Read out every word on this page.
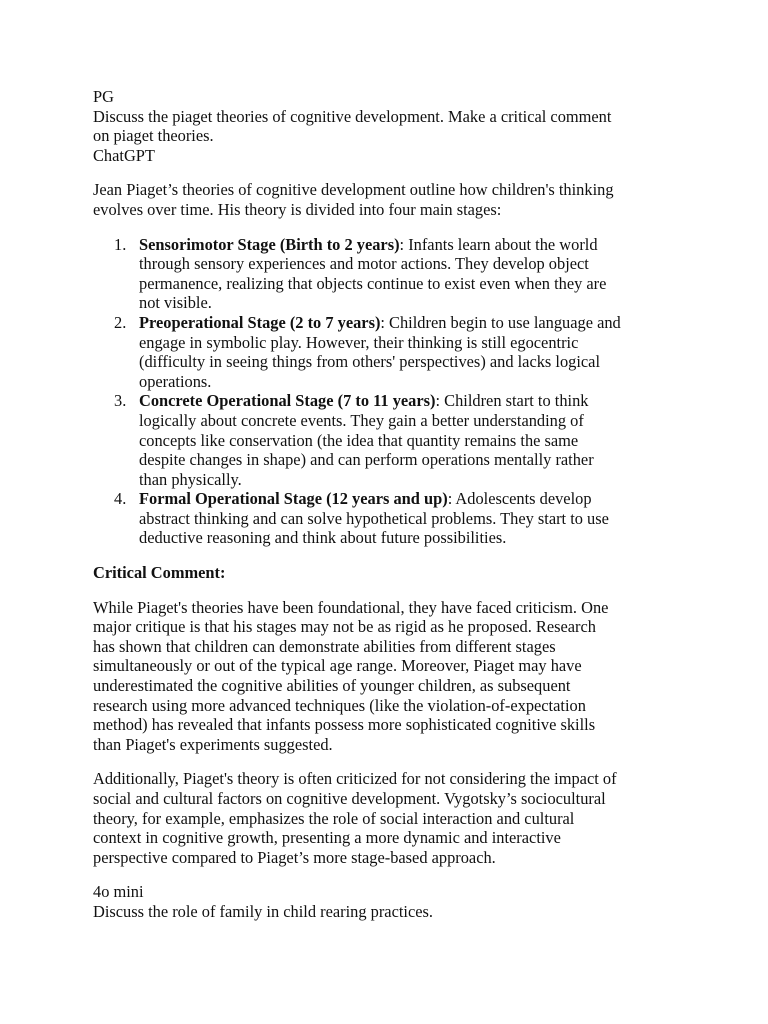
PG
Discuss the piaget theories of cognitive development. Make a critical comment
on piaget theories.
ChatGPT
Jean Piaget’s theories of cognitive development outline how children's thinking
evolves over time. His theory is divided into four main stages:
1. Sensorimotor Stage (Birth to 2 years): Infants learn about the world
through sensory experiences and motor actions. They develop object
permanence, realizing that objects continue to exist even when they are
not visible.
2. Preoperational Stage (2 to 7 years): Children begin to use language and
engage in symbolic play. However, their thinking is still egocentric
(difficulty in seeing things from others' perspectives) and lacks logical
operations.
3. Concrete Operational Stage (7 to 11 years): Children start to think
logically about concrete events. They gain a better understanding of
concepts like conservation (the idea that quantity remains the same
despite changes in shape) and can perform operations mentally rather
than physically.
4. Formal Operational Stage (12 years and up): Adolescents develop
abstract thinking and can solve hypothetical problems. They start to use
deductive reasoning and think about future possibilities.
Critical Comment:
While Piaget's theories have been foundational, they have faced criticism. One
major critique is that his stages may not be as rigid as he proposed. Research
has shown that children can demonstrate abilities from different stages
simultaneously or out of the typical age range. Moreover, Piaget may have
underestimated the cognitive abilities of younger children, as subsequent
research using more advanced techniques (like the violation-of-expectation
method) has revealed that infants possess more sophisticated cognitive skills
than Piaget's experiments suggested.
Additionally, Piaget's theory is often criticized for not considering the impact of
social and cultural factors on cognitive development. Vygotsky’s sociocultural
theory, for example, emphasizes the role of social interaction and cultural
context in cognitive growth, presenting a more dynamic and interactive
perspective compared to Piaget’s more stage-based approach.
4o mini
Discuss the role of family in child rearing practices.
